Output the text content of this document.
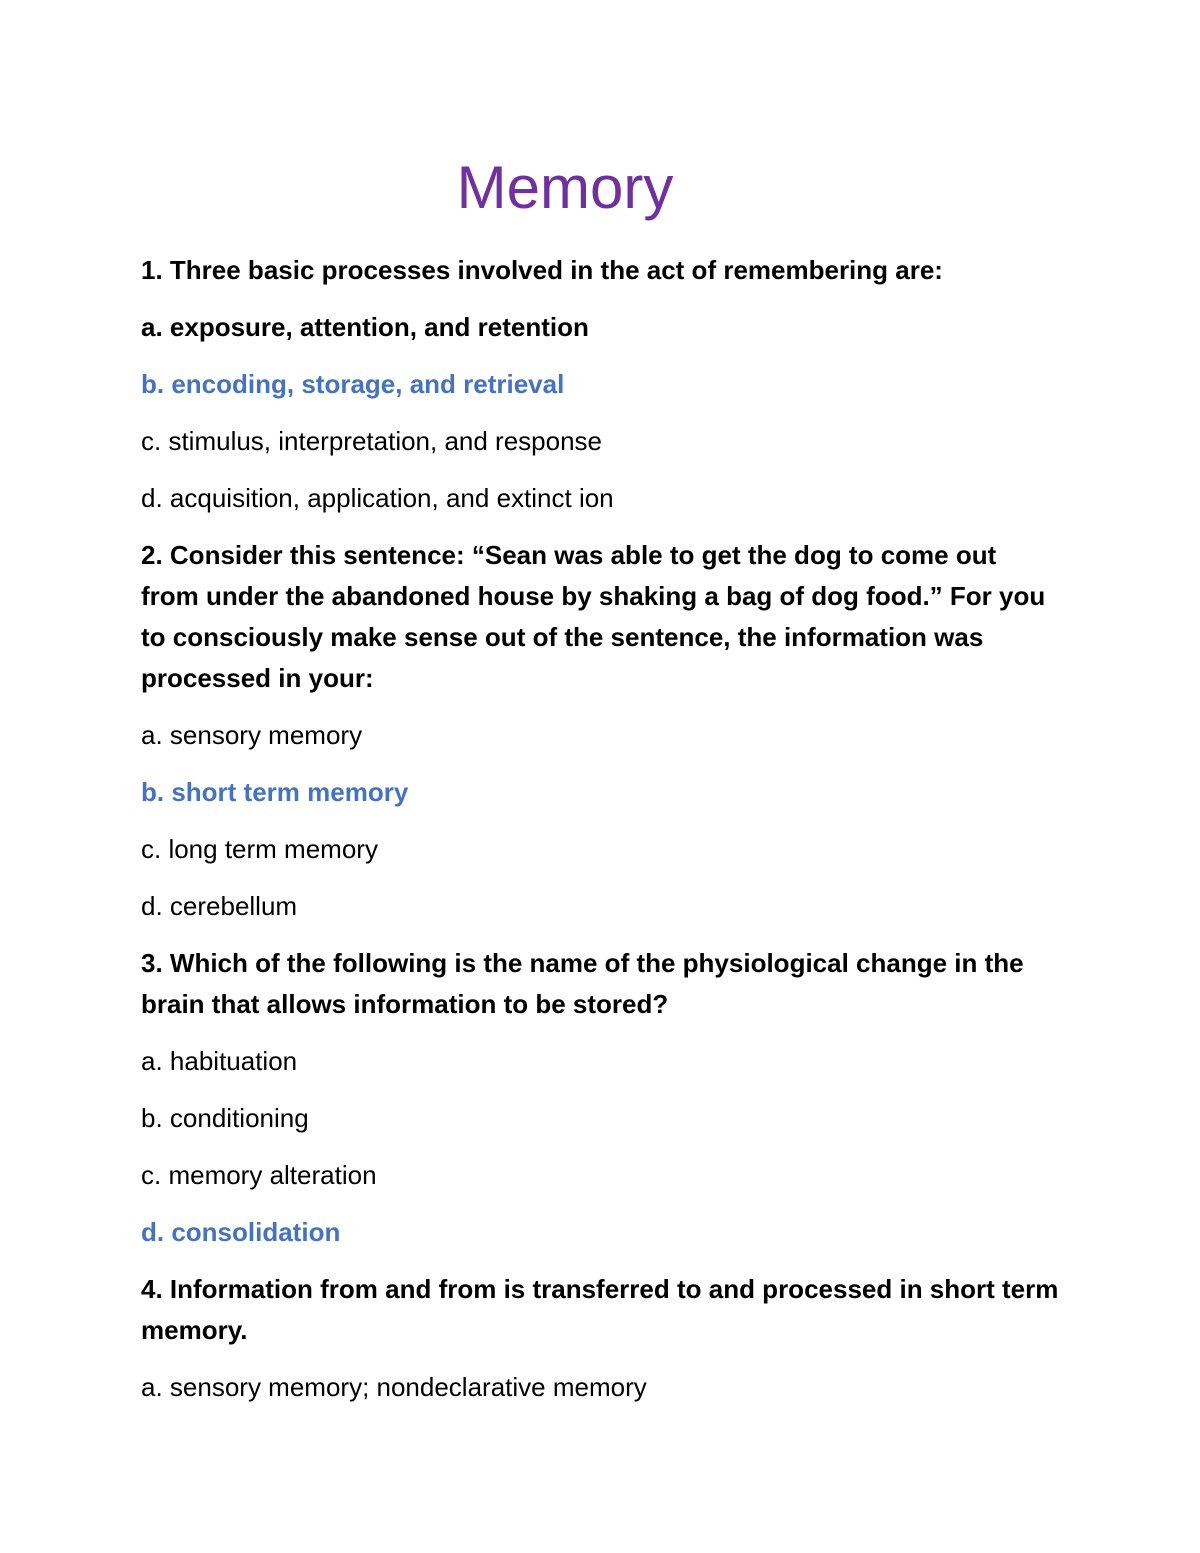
Memory

1. Three basic processes involved in the act of remembering are:

a. exposure, attention, and retention

b. encoding, storage, and retrieval

c. stimulus, interpretation, and response

d. acquisition, application, and extinct ion

2. Consider this sentence: “Sean was able to get the dog to come out from under the abandoned house by shaking a bag of dog food.” For you to consciously make sense out of the sentence, the information was processed in your:

a. sensory memory

b. short term memory

c. long term memory

d. cerebellum

3. Which of the following is the name of the physiological change in the brain that allows information to be stored?

a. habituation

b. conditioning

c. memory alteration

d. consolidation

4. Information from and from is transferred to and processed in short term memory.

a. sensory memory; nondeclarative memory
